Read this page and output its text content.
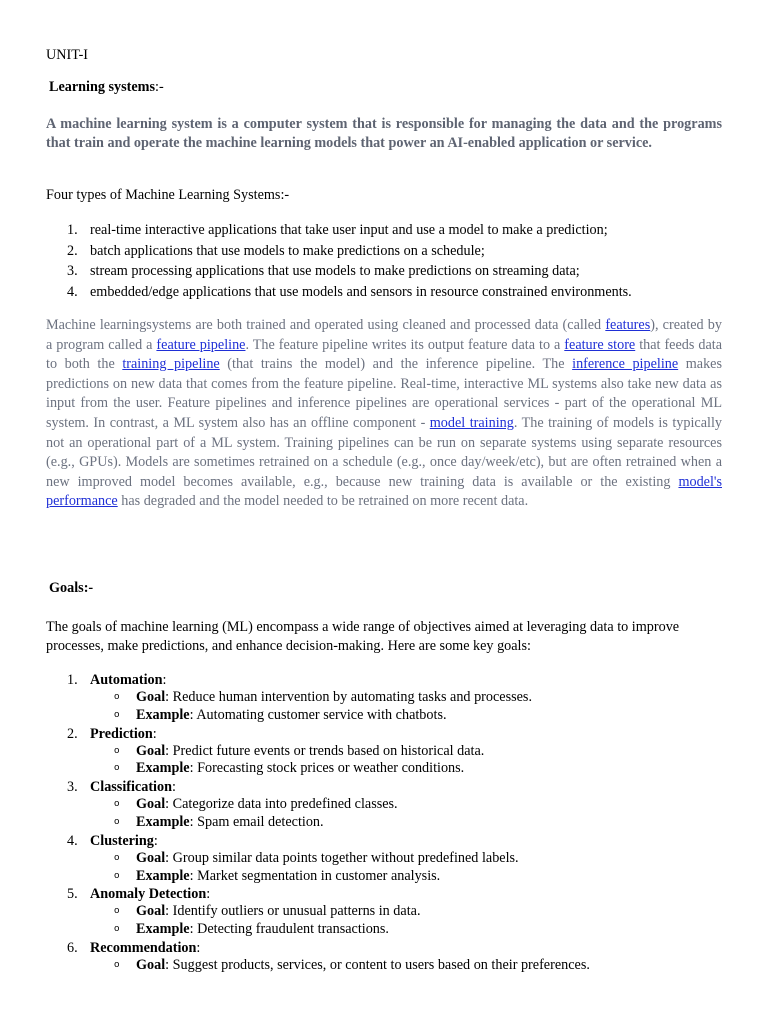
UNIT-I

Learning systems:-

A machine learning system is a computer system that is responsible for managing the data and the programs that train and operate the machine learning models that power an AI-enabled application or service.

Four types of Machine Learning Systems:-

1. real-time interactive applications that take user input and use a model to make a prediction;
2. batch applications that use models to make predictions on a schedule;
3. stream processing applications that use models to make predictions on streaming data;
4. embedded/edge applications that use models and sensors in resource constrained environments.

Machine learningsystems are both trained and operated using cleaned and processed data (called features), created by a program called a feature pipeline. The feature pipeline writes its output feature data to a feature store that feeds data to both the training pipeline (that trains the model) and the inference pipeline. The inference pipeline makes predictions on new data that comes from the feature pipeline. Real-time, interactive ML systems also take new data as input from the user. Feature pipelines and inference pipelines are operational services - part of the operational ML system. In contrast, a ML system also has an offline component - model training. The training of models is typically not an operational part of a ML system. Training pipelines can be run on separate systems using separate resources (e.g., GPUs). Models are sometimes retrained on a schedule (e.g., once day/week/etc), but are often retrained when a new improved model becomes available, e.g., because new training data is available or the existing model's performance has degraded and the model needed to be retrained on more recent data.

Goals:-

The goals of machine learning (ML) encompass a wide range of objectives aimed at leveraging data to improve processes, make predictions, and enhance decision-making. Here are some key goals:

1. Automation:
o Goal: Reduce human intervention by automating tasks and processes.
o Example: Automating customer service with chatbots.
2. Prediction:
o Goal: Predict future events or trends based on historical data.
o Example: Forecasting stock prices or weather conditions.
3. Classification:
o Goal: Categorize data into predefined classes.
o Example: Spam email detection.
4. Clustering:
o Goal: Group similar data points together without predefined labels.
o Example: Market segmentation in customer analysis.
5. Anomaly Detection:
o Goal: Identify outliers or unusual patterns in data.
o Example: Detecting fraudulent transactions.
6. Recommendation:
o Goal: Suggest products, services, or content to users based on their preferences.
